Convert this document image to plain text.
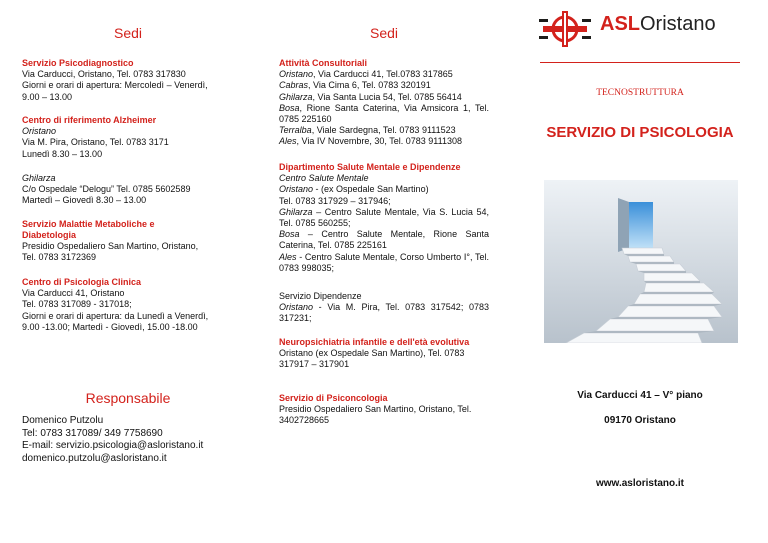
Sedi

Servizio Psicodiagnostico

Via Carducci, Oristano, Tel. 0783 317830

Giorni e orari di apertura: Mercoledì – Venerdì,

9.00 – 13.00

Centro di riferimento Alzheimer

Oristano

Via M. Pira, Oristano, Tel. 0783 3171

Lunedì 8.30 – 13.00

Ghilarza

C/o Ospedale “Delogu” Tel. 0785 5602589

Martedì – Giovedì 8.30 – 13.00

Servizio Malattie Metaboliche e Diabetologia

Presidio Ospedaliero San Martino, Oristano,

Tel. 0783 3172369

Centro di Psicologia Clinica

Via Carducci 41, Oristano

Tel. 0783 317089 - 317018;

Giorni e orari di apertura: da Lunedì a Venerdì,

9.00 -13.00; Martedì - Giovedì, 15.00 -18.00

Responsabile

Domenico Putzolu

Tel: 0783 317089/ 349 7758690

E-mail: servizio.psicologia@asloristano.it

domenico.putzolu@asloristano.it

Sedi

Attività Consultoriali

Oristano, Via Carducci 41, Tel.0783 317865

Cabras, Via Cima 6, Tel. 0783 320191

Ghilarza, Via Santa Lucia 54, Tel. 0785 56414

Bosa, Rione Santa Caterina, Via Amsicora 1, Tel. 0785 225160

Terralba, Viale Sardegna, Tel. 0783 9111523

Ales, Via IV Novembre, 30, Tel. 0783 9111308

Dipartimento Salute Mentale e Dipendenze

Centro Salute Mentale

Oristano - (ex Ospedale San Martino)

Tel. 0783 317929 – 317946;

Ghilarza – Centro Salute Mentale, Via S. Lucia 54, Tel. 0785 560255;

Bosa – Centro Salute Mentale, Rione Santa Caterina, Tel. 0785 225161

Ales - Centro Salute Mentale, Corso Umberto I°, Tel. 0783 998035;

Servizio Dipendenze

Oristano - Via M. Pira, Tel. 0783 317542; 0783 317231;

Neuropsichiatria infantile e dell'età evolutiva

Oristano (ex Ospedale San Martino), Tel. 0783 317917 – 317901

Servizio di Psiconcologia

Presidio Ospedaliero San Martino, Oristano, Tel. 3402728665

ASLOristano
TECNOSTRUTTURA
SERVIZIO DI PSICOLOGIA
Via Carducci 41 – V° piano
09170 Oristano
www.asloristano.it
